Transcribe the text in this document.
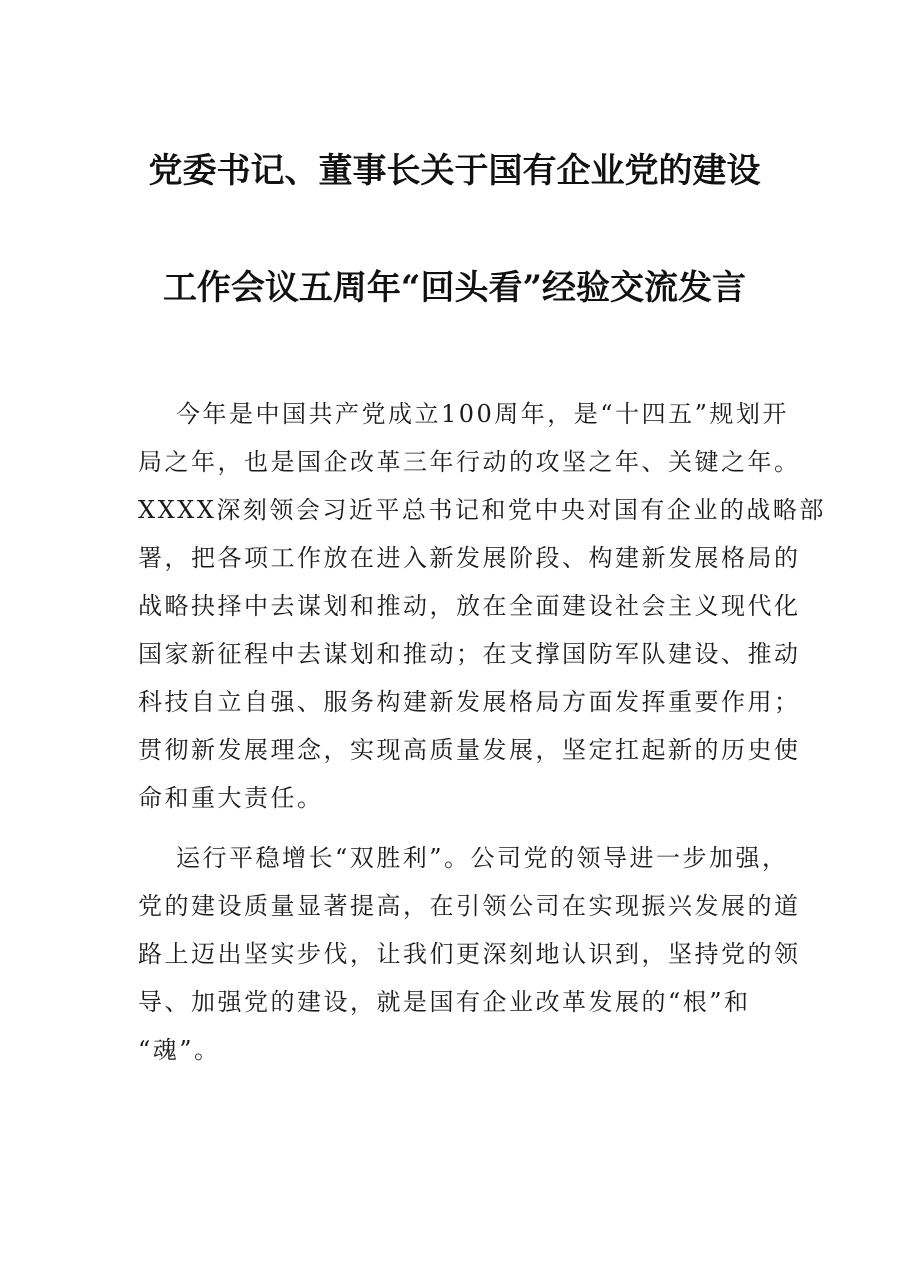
党委书记、董事长关于国有企业党的建设
工作会议五周年“回头看”经验交流发言
今年是中国共产党成立100周年，是“十四五”规划开
局之年，也是国企改革三年行动的攻坚之年、关键之年。
XXXX深刻领会习近平总书记和党中央对国有企业的战略部
署，把各项工作放在进入新发展阶段、构建新发展格局的
战略抉择中去谋划和推动，放在全面建设社会主义现代化
国家新征程中去谋划和推动；在支撑国防军队建设、推动
科技自立自强、服务构建新发展格局方面发挥重要作用；
贯彻新发展理念，实现高质量发展，坚定扛起新的历史使
命和重大责任。
运行平稳增长“双胜利”。公司党的领导进一步加强，
党的建设质量显著提高，在引领公司在实现振兴发展的道
路上迈出坚实步伐，让我们更深刻地认识到，坚持党的领
导、加强党的建设，就是国有企业改革发展的“根”和
“魂”。
